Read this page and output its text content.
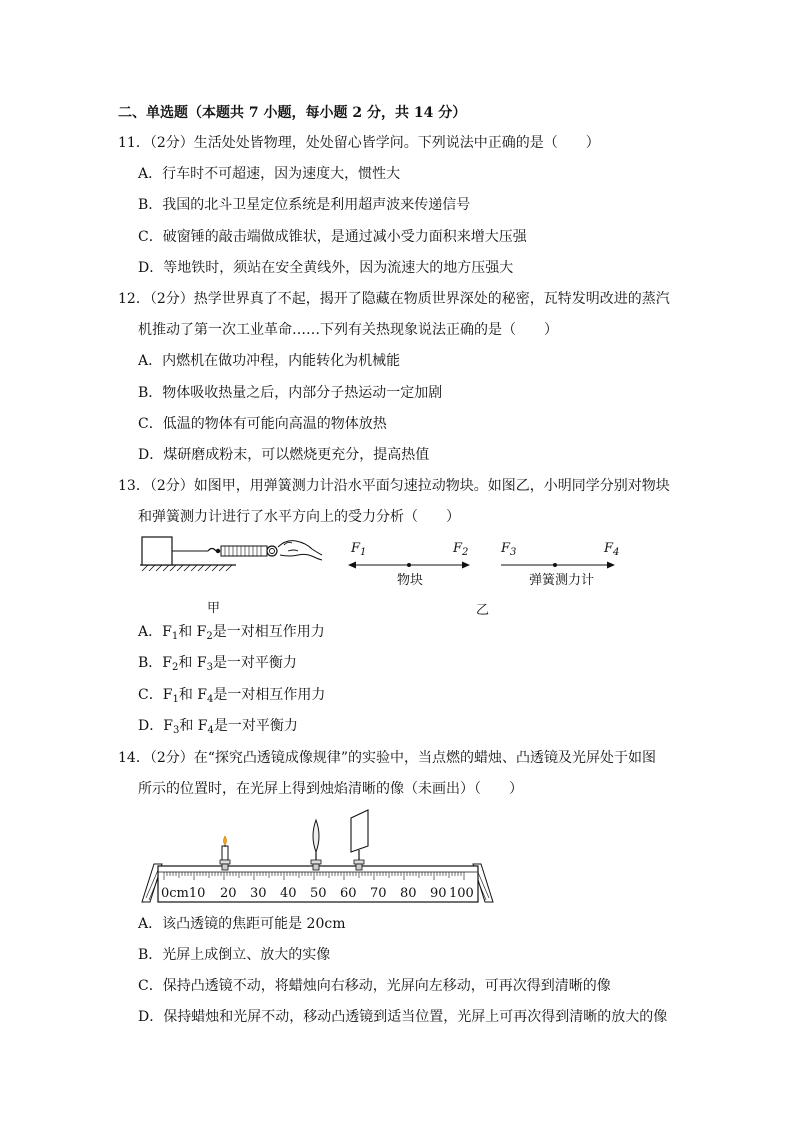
二、单选题（本题共 7 小题，每小题 2 分，共 14 分）
11．（2分）生活处处皆物理，处处留心皆学问。下列说法中正确的是（　　）
A．行车时不可超速，因为速度大，惯性大
B．我国的北斗卫星定位系统是利用超声波来传递信号
C．破窗锤的敲击端做成锥状，是通过减小受力面积来增大压强
D．等地铁时，须站在安全黄线外，因为流速大的地方压强大
12．（2分）热学世界真了不起，揭开了隐藏在物质世界深处的秘密，瓦特发明改进的蒸汽
机推动了第一次工业革命……下列有关热现象说法正确的是（　　）
A．内燃机在做功冲程，内能转化为机械能
B．物体吸收热量之后，内部分子热运动一定加剧
C．低温的物体有可能向高温的物体放热
D．煤研磨成粉末，可以燃烧更充分，提高热值
13．（2分）如图甲，用弹簧测力计沿水平面匀速拉动物块。如图乙，小明同学分别对物块
和弹簧测力计进行了水平方向上的受力分析（　　）
$F_1$	$F_2$	$F_3$	$F_4$
物块	弹簧测力计
甲	乙
A．$F_1$和 $F_2$是一对相互作用力
B．$F_2$和 $F_3$是一对平衡力
C．$F_1$和 $F_4$是一对相互作用力
D．$F_3$和 $F_4$是一对平衡力
14．（2分）在“探究凸透镜成像规律”的实验中，当点燃的蜡烛、凸透镜及光屏处于如图
所示的位置时，在光屏上得到烛焰清晰的像（未画出）（　　）
0cm10 20 30 40 50 60 70 80 90 100
A．该凸透镜的焦距可能是 20cm
B．光屏上成倒立、放大的实像
C．保持凸透镜不动，将蜡烛向右移动，光屏向左移动，可再次得到清晰的像
D．保持蜡烛和光屏不动，移动凸透镜到适当位置，光屏上可再次得到清晰的放大的像
